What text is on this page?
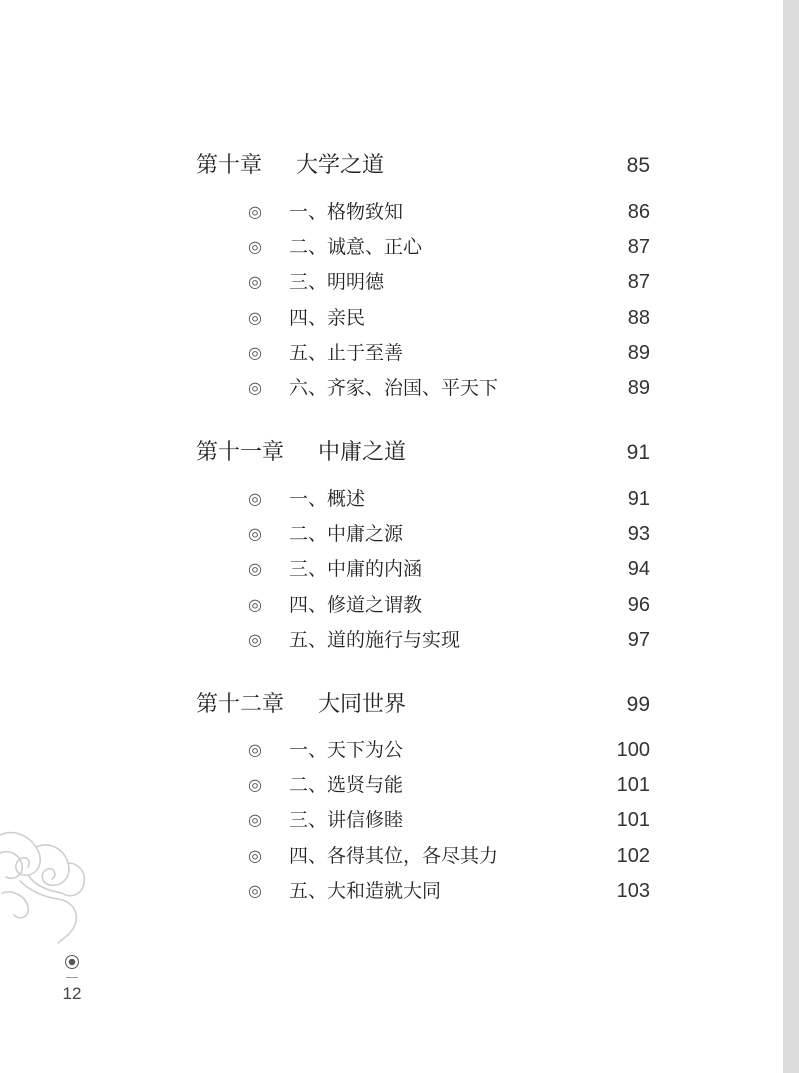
第十章 大学之道	85
◎ 一、格物致知	86
◎ 二、诚意、正心	87
◎ 三、明明德	87
◎ 四、亲民	88
◎ 五、止于至善	89
◎ 六、齐家、治国、平天下	89
第十一章 中庸之道	91
◎ 一、概述	91
◎ 二、中庸之源	93
◎ 三、中庸的内涵	94
◎ 四、修道之谓教	96
◎ 五、道的施行与实现	97
第十二章 大同世界	99
◎ 一、天下为公	100
◎ 二、选贤与能	101
◎ 三、讲信修睦	101
◎ 四、各得其位，各尽其力	102
◎ 五、大和造就大同	103
12
